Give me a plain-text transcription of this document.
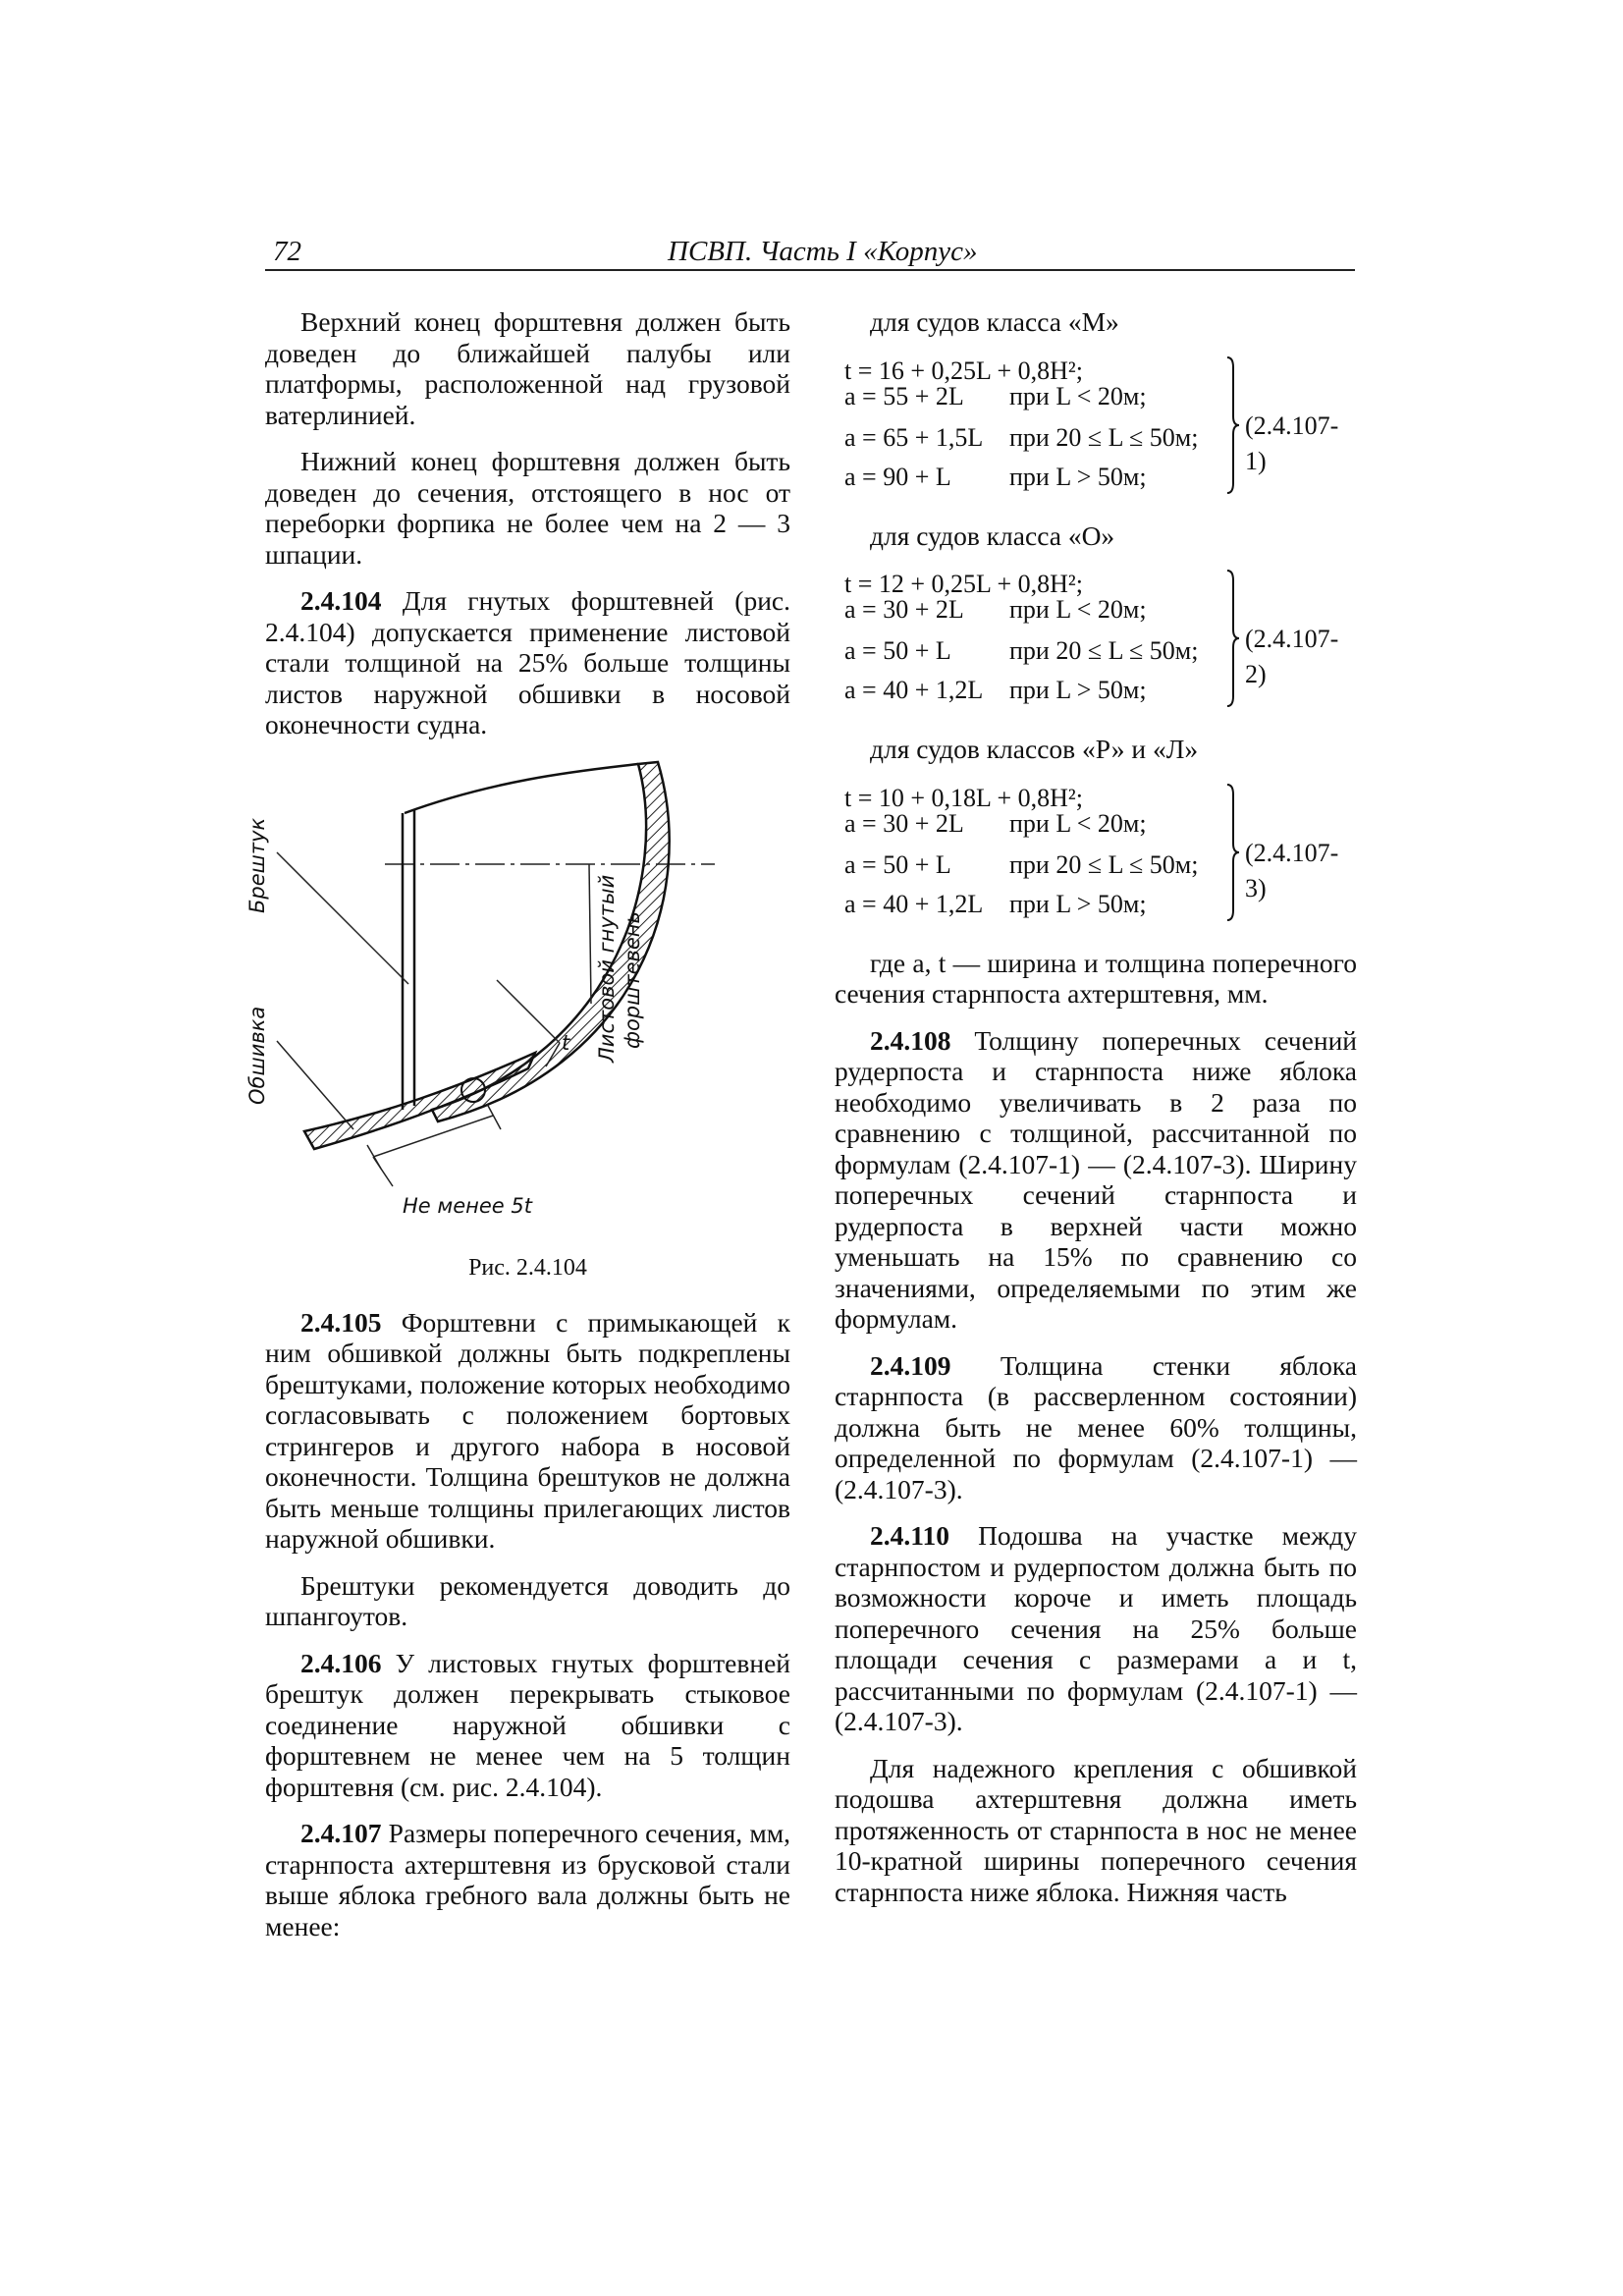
72	ПСВП. Часть I «Корпус»

Верхний конец форштевня должен быть доведен до ближайшей палубы или платформы, расположенной над грузовой ватерлинией.

Нижний конец форштевня должен быть доведен до сечения, отстоящего в нос от переборки форпика не более чем на 2 — 3 шпации.

2.4.104 Для гнутых форштевней (рис. 2.4.104) допускается применение листовой стали толщиной на 25% больше толщины листов наружной обшивки в носовой оконечности судна.

Брештук
Обшивка	Листовой гнутый форштевень
t
Не менее 5t
Рис. 2.4.104

2.4.105 Форштевни с примыкающей к ним обшивкой должны быть подкреплены брештуками, положение которых необходимо согласовывать с положением бортовых стрингеров и другого набора в носовой оконечности. Толщина брештуков не должна быть меньше толщины прилегающих листов наружной обшивки.

Брештуки рекомендуется доводить до шпангоутов.

2.4.106 У листовых гнутых форштевней брештук должен перекрывать стыковое соединение наружной обшивки с форштевнем не менее чем на 5 толщин форштевня (см. рис. 2.4.104).

2.4.107 Размеры поперечного сечения, мм, старнпоста ахтерштевня из брусковой стали выше яблока гребного вала должны быть не менее:

для судов класса «М»

t = 16 + 0,25L + 0,8H²;
a = 55 + 2L
a = 65 + 1,5L
a = 90 + L
при L < 20м;
при 20 ≤ L ≤ 50м;
при L > 50м;
(2.4.107-1)

для судов класса «О»

t = 12 + 0,25L + 0,8H²;
a = 30 + 2L
a = 50 + L
a = 40 + 1,2L
при L < 20м;
при 20 ≤ L ≤ 50м;
при L > 50м;
(2.4.107-2)

для судов классов «Р» и «Л»

t = 10 + 0,18L + 0,8H²;
a = 30 + 2L
a = 50 + L
a = 40 + 1,2L
при L < 20м;
при 20 ≤ L ≤ 50м;
при L > 50м;
(2.4.107-3)

где a, t — ширина и толщина поперечного сечения старнпоста ахтерштевня, мм.

2.4.108 Толщину поперечных сечений рудерпоста и старнпоста ниже яблока необходимо увеличивать в 2 раза по сравнению с толщиной, рассчитанной по формулам (2.4.107-1) — (2.4.107-3). Ширину поперечных сечений старнпоста и рудерпоста в верхней части можно уменьшать на 15% по сравнению со значениями, определяемыми по этим же формулам.

2.4.109 Толщина стенки яблока старнпоста (в рассверленном состоянии) должна быть не менее 60% толщины, определенной по формулам (2.4.107-1) — (2.4.107-3).

2.4.110 Подошва на участке между старнпостом и рудерпостом должна быть по возможности короче и иметь площадь поперечного сечения на 25% больше площади сечения с размерами a и t, рассчитанными по формулам (2.4.107-1) — (2.4.107-3).

Для надежного крепления с обшивкой подошва ахтерштевня должна иметь протяженность от старнпоста в нос не менее 10-кратной ширины поперечного сечения старнпоста ниже яблока. Нижняя часть
